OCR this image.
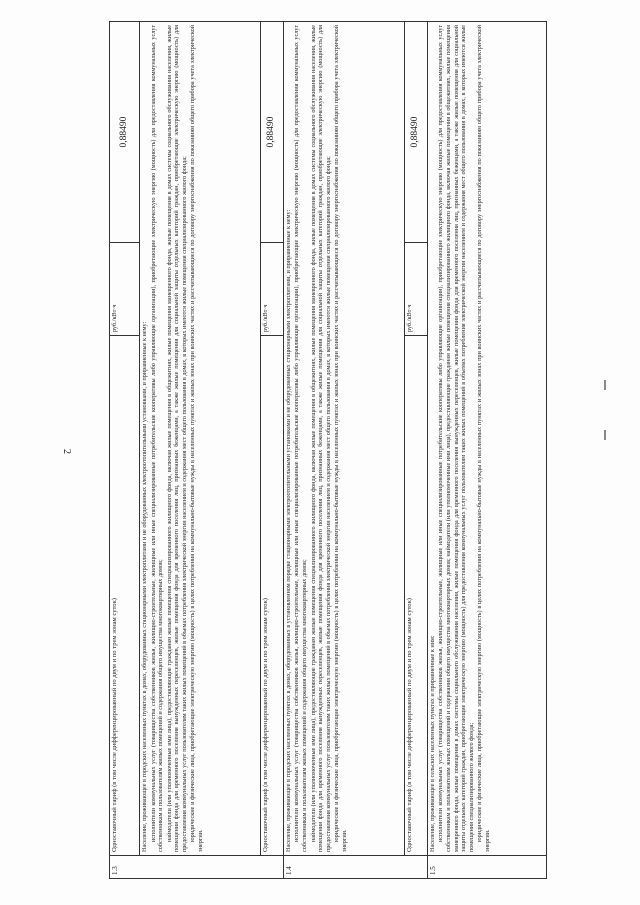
2
1.3	Одноставочный тариф (в том числе дифференцированный по двум и по трем зонам суток)	руб./кВт·ч	0,88490

	Население, проживающее в городских населенных пунктах в домах, оборудованных стационарными электроплитами и не оборудованных электроотопительными установками, и приравненные к нему: исполнители коммунальных услуг (товарищества собственников жилья, жилищно-строительные, жилищные или иные специализированные потребительские кооперативы либо управляющие организации), приобретающие электрическую энергию (мощность) для предоставления коммунальных услуг собственникам и пользователям жилых помещений и содержания общего имущества многоквартирных домов; наймодатели (или уполномоченные ими лица), предоставляющие гражданам жилые помещения специализированного жилищного фонда, включая жилые помещения в общежитиях, жилые помещения маневренного фонда, жилые помещения в домах системы социального обслуживания населения, жилые помещения фонда для временного поселения вынужденных переселенцев, жилые помещения фонда для временного поселения лиц, признанных беженцами, а также жилые помещения для социальной защиты отдельных категорий граждан, приобретающие электрическую энергию (мощность) для предоставления коммунальных услуг пользователям таких жилых помещений в объемах потребления электрической энергии населением и содержания мест общего пользования в домах, в которых имеются жилые помещения специализированного жилого фонда; юридические и физические лица, приобретающие электрическую энергию (мощность) в целях потребления на коммунально-бытовые нужды в населенных пунктах и жилых зонах при воинских частях и рассчитывающиеся по договору энергоснабжения по показаниям общего прибора учета электрической энергии.		

	Одноставочный тариф (в том числе дифференцированный по двум и по трем зонам суток)	руб./кВт·ч	0,88490
1.4	Население, проживающее в городских населенных пунктах в домах, оборудованных в установленном порядке стационарными электроотопительными установками и не оборудованных стационарными электроплитами, и приравненные к нему: исполнители коммунальных услуг (товарищества собственников жилья, жилищно-строительные, жилищные или иные специализированные потребительские кооперативы либо управляющие организации), приобретающие электрическую энергию (мощность) для предоставления коммунальных услуг собственникам и пользователям жилых помещений и содержания общего имущества многоквартирных домов; наймодатели (или уполномоченные ими лица), предоставляющие гражданам жилые помещения специализированного жилищного фонда, включая жилые помещения в общежитиях, жилые помещения маневренного фонда, жилые помещения в домах системы социального обслуживания населения, жилые помещения фонда для временного поселения вынужденных переселенцев, жилые помещения фонда для временного поселения лиц, признанных беженцами, а также жилые помещения для социальной защиты отдельных категорий граждан, приобретающие электрическую энергию (мощность) для предоставления коммунальных услуг пользователям таких жилых помещений в объемах потребления электрической энергии населением и содержания мест общего пользования в домах, в которых имеются жилые помещения специализированного жилого фонда; юридические и физические лица, приобретающие электрическую энергию (мощность) в целях потребления на коммунально-бытовые нужды в населенных пунктах и жилых зонах при воинских частях и рассчитывающиеся по договору энергоснабжения по показаниям общего прибора учета электрической энергии.		

	Одноставочный тариф (в том числе дифференцированный по двум и по трем зонам суток)	руб./кВт·ч	0,88490
1.5	Население, проживающее в сельских населенных пунктах и приравненные к ним: исполнители коммунальных услуг (товарищества собственников жилья, жилищно-строительные, жилищные или иные специализированные потребительские кооперативы либо управляющие организации), приобретающие электрическую энергию (мощность) для предоставления коммунальных услуг собственникам и пользователям жилых помещений и содержания общего имущества многоквартирных домов; наймодатели (или уполномоченные ими лица), предоставляющие гражданам жилые помещения специализированного жилищного фонда, включая жилые помещения в общежитиях, жилые помещения маневренного фонда, жилые помещения в домах системы социального обслуживания населения, жилые помещения фонда для временного поселения вынужденных переселенцев, жилые помещения фонда для временного поселения лиц, признанных беженцами, а также жилые помещения для социальной защиты отдельных категорий граждан, приобретающие электрическую энергию (мощность) для предоставления коммунальных услуг пользователям таких жилых помещений в объемах потребления электрической энергии населением и содержания мест общего пользования в домах, в которых имеются жилые помещения специализированного жилого фонда; юридические и физические лица, приобретающие электрическую энергию (мощность) в целях потребления на коммунально-бытовые нужды в населенных пунктах и жилых зонах при воинских частях и рассчитывающиеся по договору энергоснабжения по показаниям общего прибора учета электрической энергии.		
